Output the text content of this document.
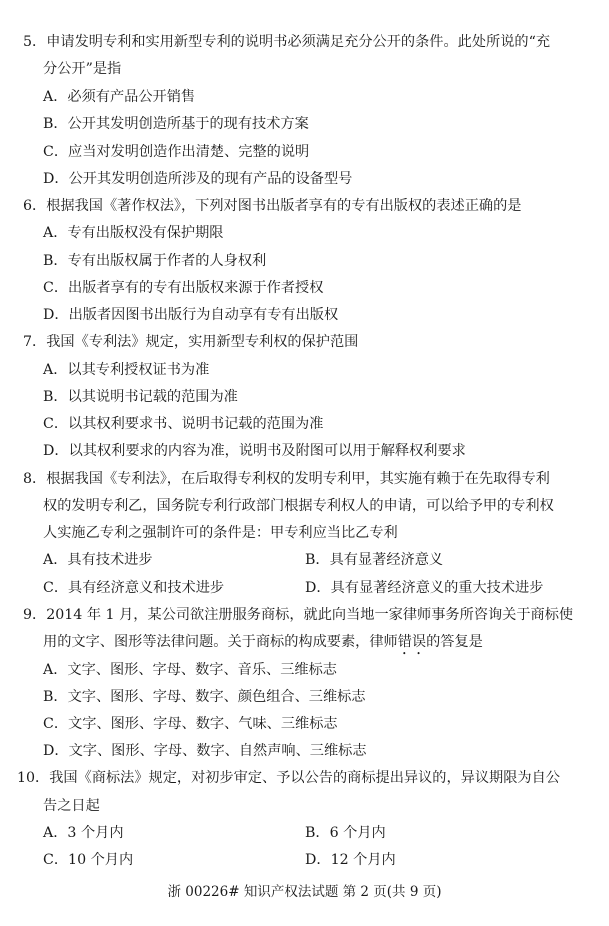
5．申请发明专利和实用新型专利的说明书必须满足充分公开的条件。此处所说的“充
分公开”是指
A．必须有产品公开销售
B．公开其发明创造所基于的现有技术方案
C．应当对发明创造作出清楚、完整的说明
D．公开其发明创造所涉及的现有产品的设备型号
6．根据我国《著作权法》，下列对图书出版者享有的专有出版权的表述正确的是
A．专有出版权没有保护期限
B．专有出版权属于作者的人身权利
C．出版者享有的专有出版权来源于作者授权
D．出版者因图书出版行为自动享有专有出版权
7．我国《专利法》规定，实用新型专利权的保护范围
A．以其专利授权证书为准
B．以其说明书记载的范围为准
C．以其权利要求书、说明书记载的范围为准
D．以其权利要求的内容为准，说明书及附图可以用于解释权利要求
8．根据我国《专利法》，在后取得专利权的发明专利甲，其实施有赖于在先取得专利
权的发明专利乙，国务院专利行政部门根据专利权人的申请，可以给予甲的专利权
人实施乙专利之强制许可的条件是：甲专利应当比乙专利
A．具有技术进步	B．具有显著经济意义
C．具有经济意义和技术进步	D．具有显著经济意义的重大技术进步
9．2014 年 1 月，某公司欲注册服务商标，就此向当地一家律师事务所咨询关于商标使
用的文字、图形等法律问题。关于商标的构成要素，律师错误的答复是
A．文字、图形、字母、数字、音乐、三维标志
B．文字、图形、字母、数字、颜色组合、三维标志
C．文字、图形、字母、数字、气味、三维标志
D．文字、图形、字母、数字、自然声响、三维标志
10．我国《商标法》规定，对初步审定、予以公告的商标提出异议的，异议期限为自公
告之日起
A．3 个月内	B．6 个月内
C．10 个月内	D．12 个月内
浙 00226# 知识产权法试题 第 2 页(共 9 页)
